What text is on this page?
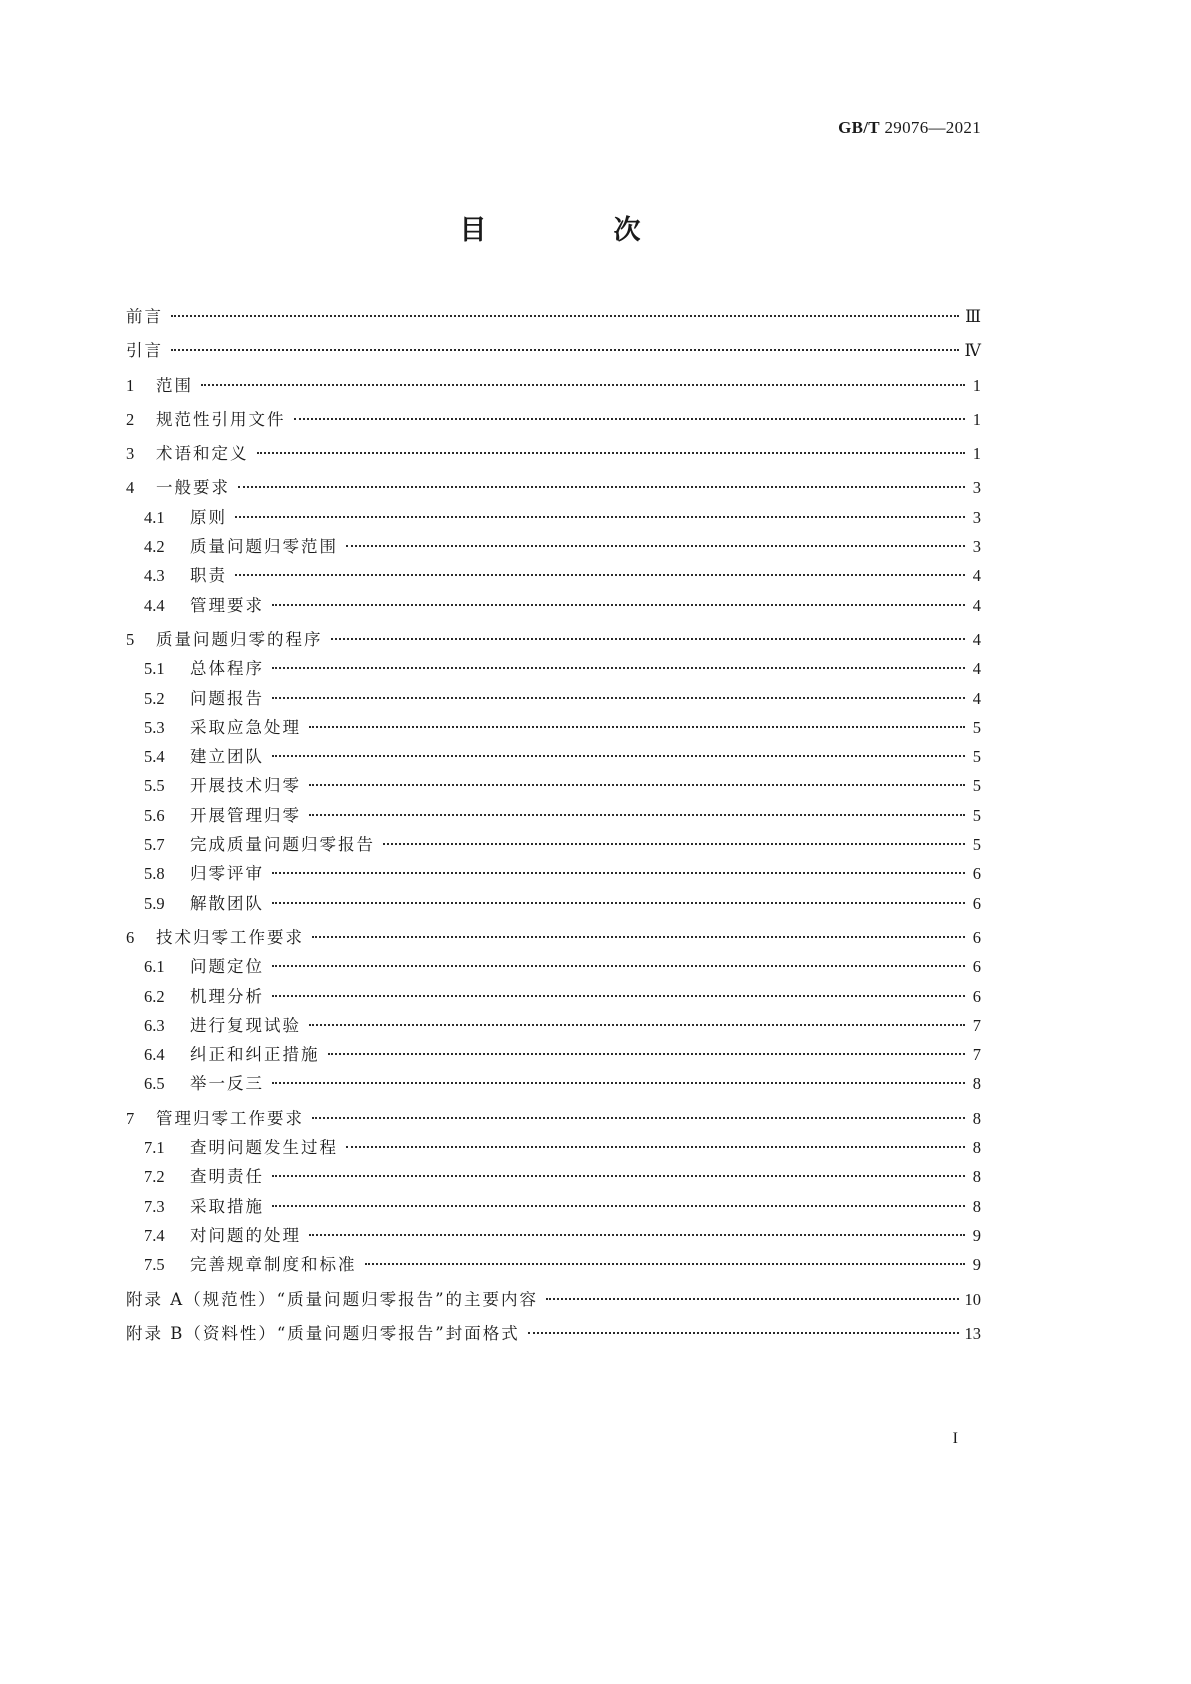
GB/T 29076—2021
目　次
前言	Ⅲ
引言	Ⅳ
1	范围	1
2	规范性引用文件	1
3	术语和定义	1
4	一般要求	3
4.1	原则	3
4.2	质量问题归零范围	3
4.3	职责	4
4.4	管理要求	4
5	质量问题归零的程序	4
5.1	总体程序	4
5.2	问题报告	4
5.3	采取应急处理	5
5.4	建立团队	5
5.5	开展技术归零	5
5.6	开展管理归零	5
5.7	完成质量问题归零报告	5
5.8	归零评审	6
5.9	解散团队	6
6	技术归零工作要求	6
6.1	问题定位	6
6.2	机理分析	6
6.3	进行复现试验	7
6.4	纠正和纠正措施	7
6.5	举一反三	8
7	管理归零工作要求	8
7.1	查明问题发生过程	8
7.2	查明责任	8
7.3	采取措施	8
7.4	对问题的处理	9
7.5	完善规章制度和标准	9
附录 A（规范性）“质量问题归零报告”的主要内容	10
附录 B（资料性）“质量问题归零报告”封面格式	13
I
